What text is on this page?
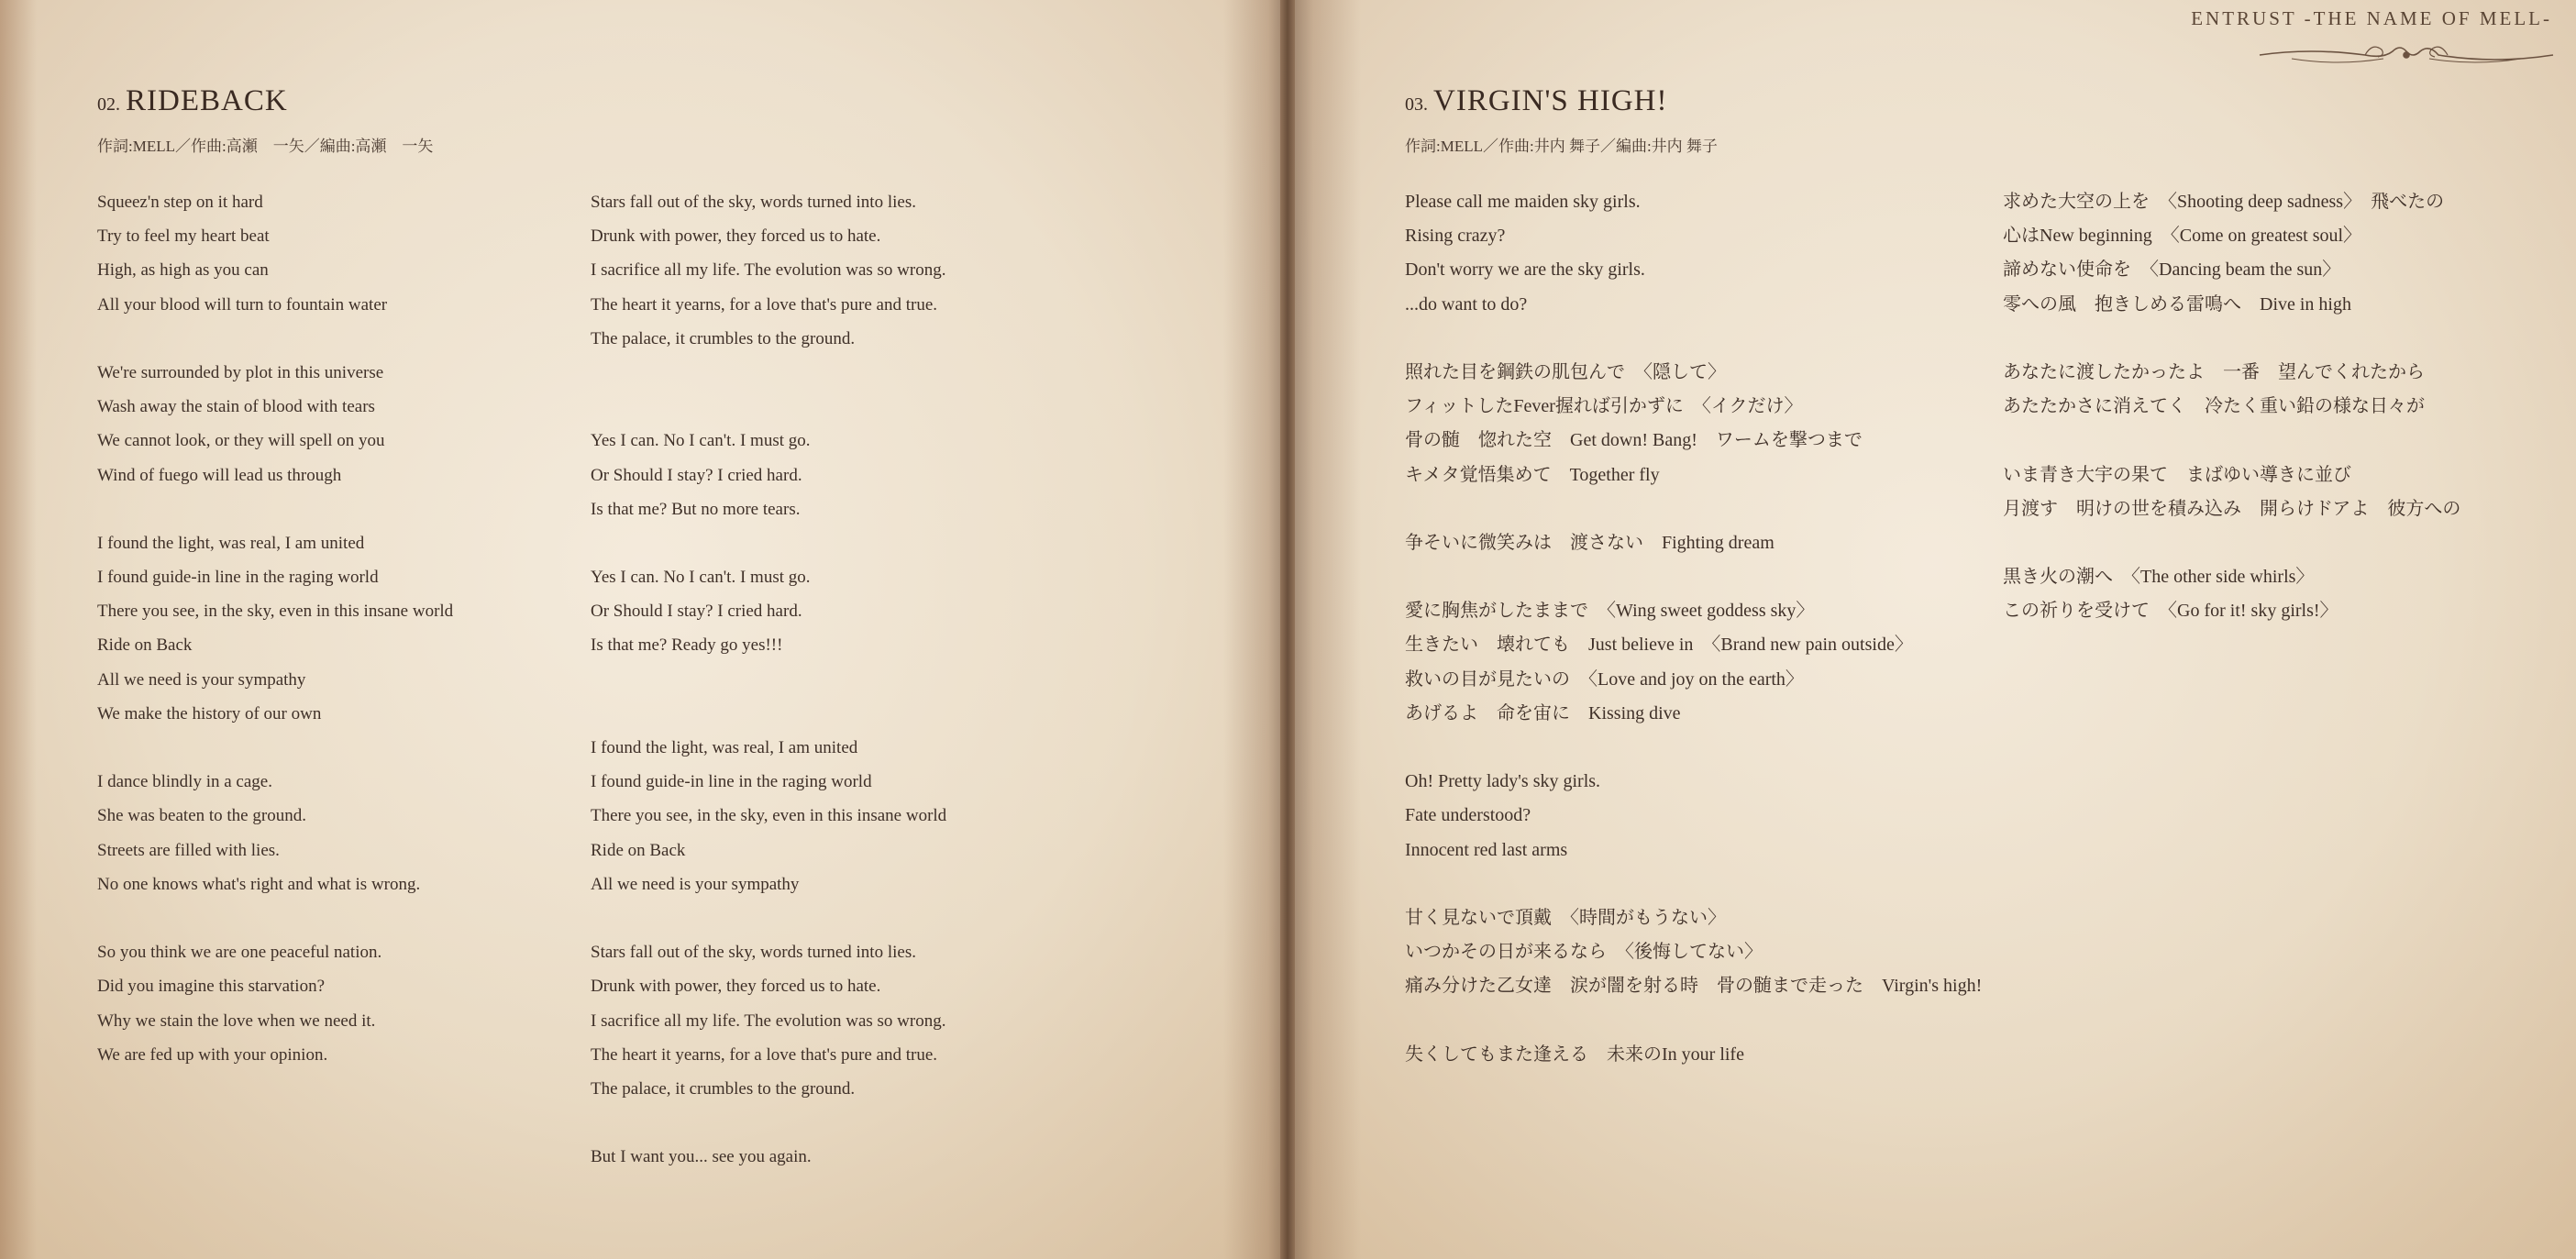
02. RIDEBACK
作詞:MELL／作曲:高瀬　一矢／編曲:高瀬　一矢
Squeez'n step on it hard
Try to feel my heart beat
High, as high as you can
All your blood will turn to fountain water
We're surrounded by plot in this universe
Wash away the stain of blood with tears
We cannot look, or they will spell on you
Wind of fuego will lead us through
I found the light, was real, I am united
I found guide-in line in the raging world
There you see, in the sky, even in this insane world
Ride on Back
All we need is your sympathy
We make the history of our own
I dance blindly in a cage.
She was beaten to the ground.
Streets are filled with lies.
No one knows what's right and what is wrong.
So you think we are one peaceful nation.
Did you imagine this starvation?
Why we stain the love when we need it.
We are fed up with your opinion.
Stars fall out of the sky, words turned into lies.
Drunk with power, they forced us to hate.
I sacrifice all my life. The evolution was so wrong.
The heart it yearns, for a love that's pure and true.
The palace, it crumbles to the ground.
Yes I can. No I can't. I must go.
Or Should I stay? I cried hard.
Is that me? But no more tears.
Yes I can. No I can't. I must go.
Or Should I stay? I cried hard.
Is that me? Ready go yes!!!
I found the light, was real, I am united
I found guide-in line in the raging world
There you see, in the sky, even in this insane world
Ride on Back
All we need is your sympathy
Stars fall out of the sky, words turned into lies.
Drunk with power, they forced us to hate.
I sacrifice all my life. The evolution was so wrong.
The heart it yearns, for a love that's pure and true.
The palace, it crumbles to the ground.
But I want you... see you again.
ENTRUST -THE NAME OF MELL-
03. VIRGIN'S HIGH!
作詞:MELL／作曲:井内 舞子／編曲:井内 舞子
Please call me maiden sky girls.
Rising crazy?
Don't worry we are the sky girls.
...do want to do?
照れた目を鋼鉄の肌包んで　〈隠して〉
フィットしたFever握れば引かずに　〈イクだけ〉
骨の髄　惚れた空　Get down! Bang!　ワームを撃つまで
キメタ覚悟集めて　Together fly
争そいに微笑みは　渡さない　Fighting dream
愛に胸焦がしたままで　〈Wing sweet goddess sky〉
生きたい　壊れても　Just believe in　〈Brand new pain outside〉
救いの目が見たいの　〈Love and joy on the earth〉
あげるよ　命を宙に　Kissing dive
Oh! Pretty lady's sky girls.
Fate understood?
Innocent red last arms
甘く見ないで頂戴　〈時間がもうない〉
いつかその日が来るなら　〈後悔してない〉
痛み分けた乙女達　涙が闇を射る時　骨の髄まで走った　Virgin's high!
失くしてもまた逢える　未来のIn your life
求めた大空の上を　〈Shooting deep sadness〉　飛べたの
心はNew beginning　〈Come on greatest soul〉
諦めない使命を　〈Dancing beam the sun〉
零への風　抱きしめる雷鳴へ　Dive in high
あなたに渡したかったよ　一番　望んでくれたから
あたたかさに消えてく　冷たく重い鉛の様な日々が
いま青き大宇の果て　まばゆい導きに並び
月渡す　明けの世を積み込み　開らけドアよ　彼方への
黒き火の潮へ　〈The other side whirls〉
この祈りを受けて　〈Go for it! sky girls!〉
